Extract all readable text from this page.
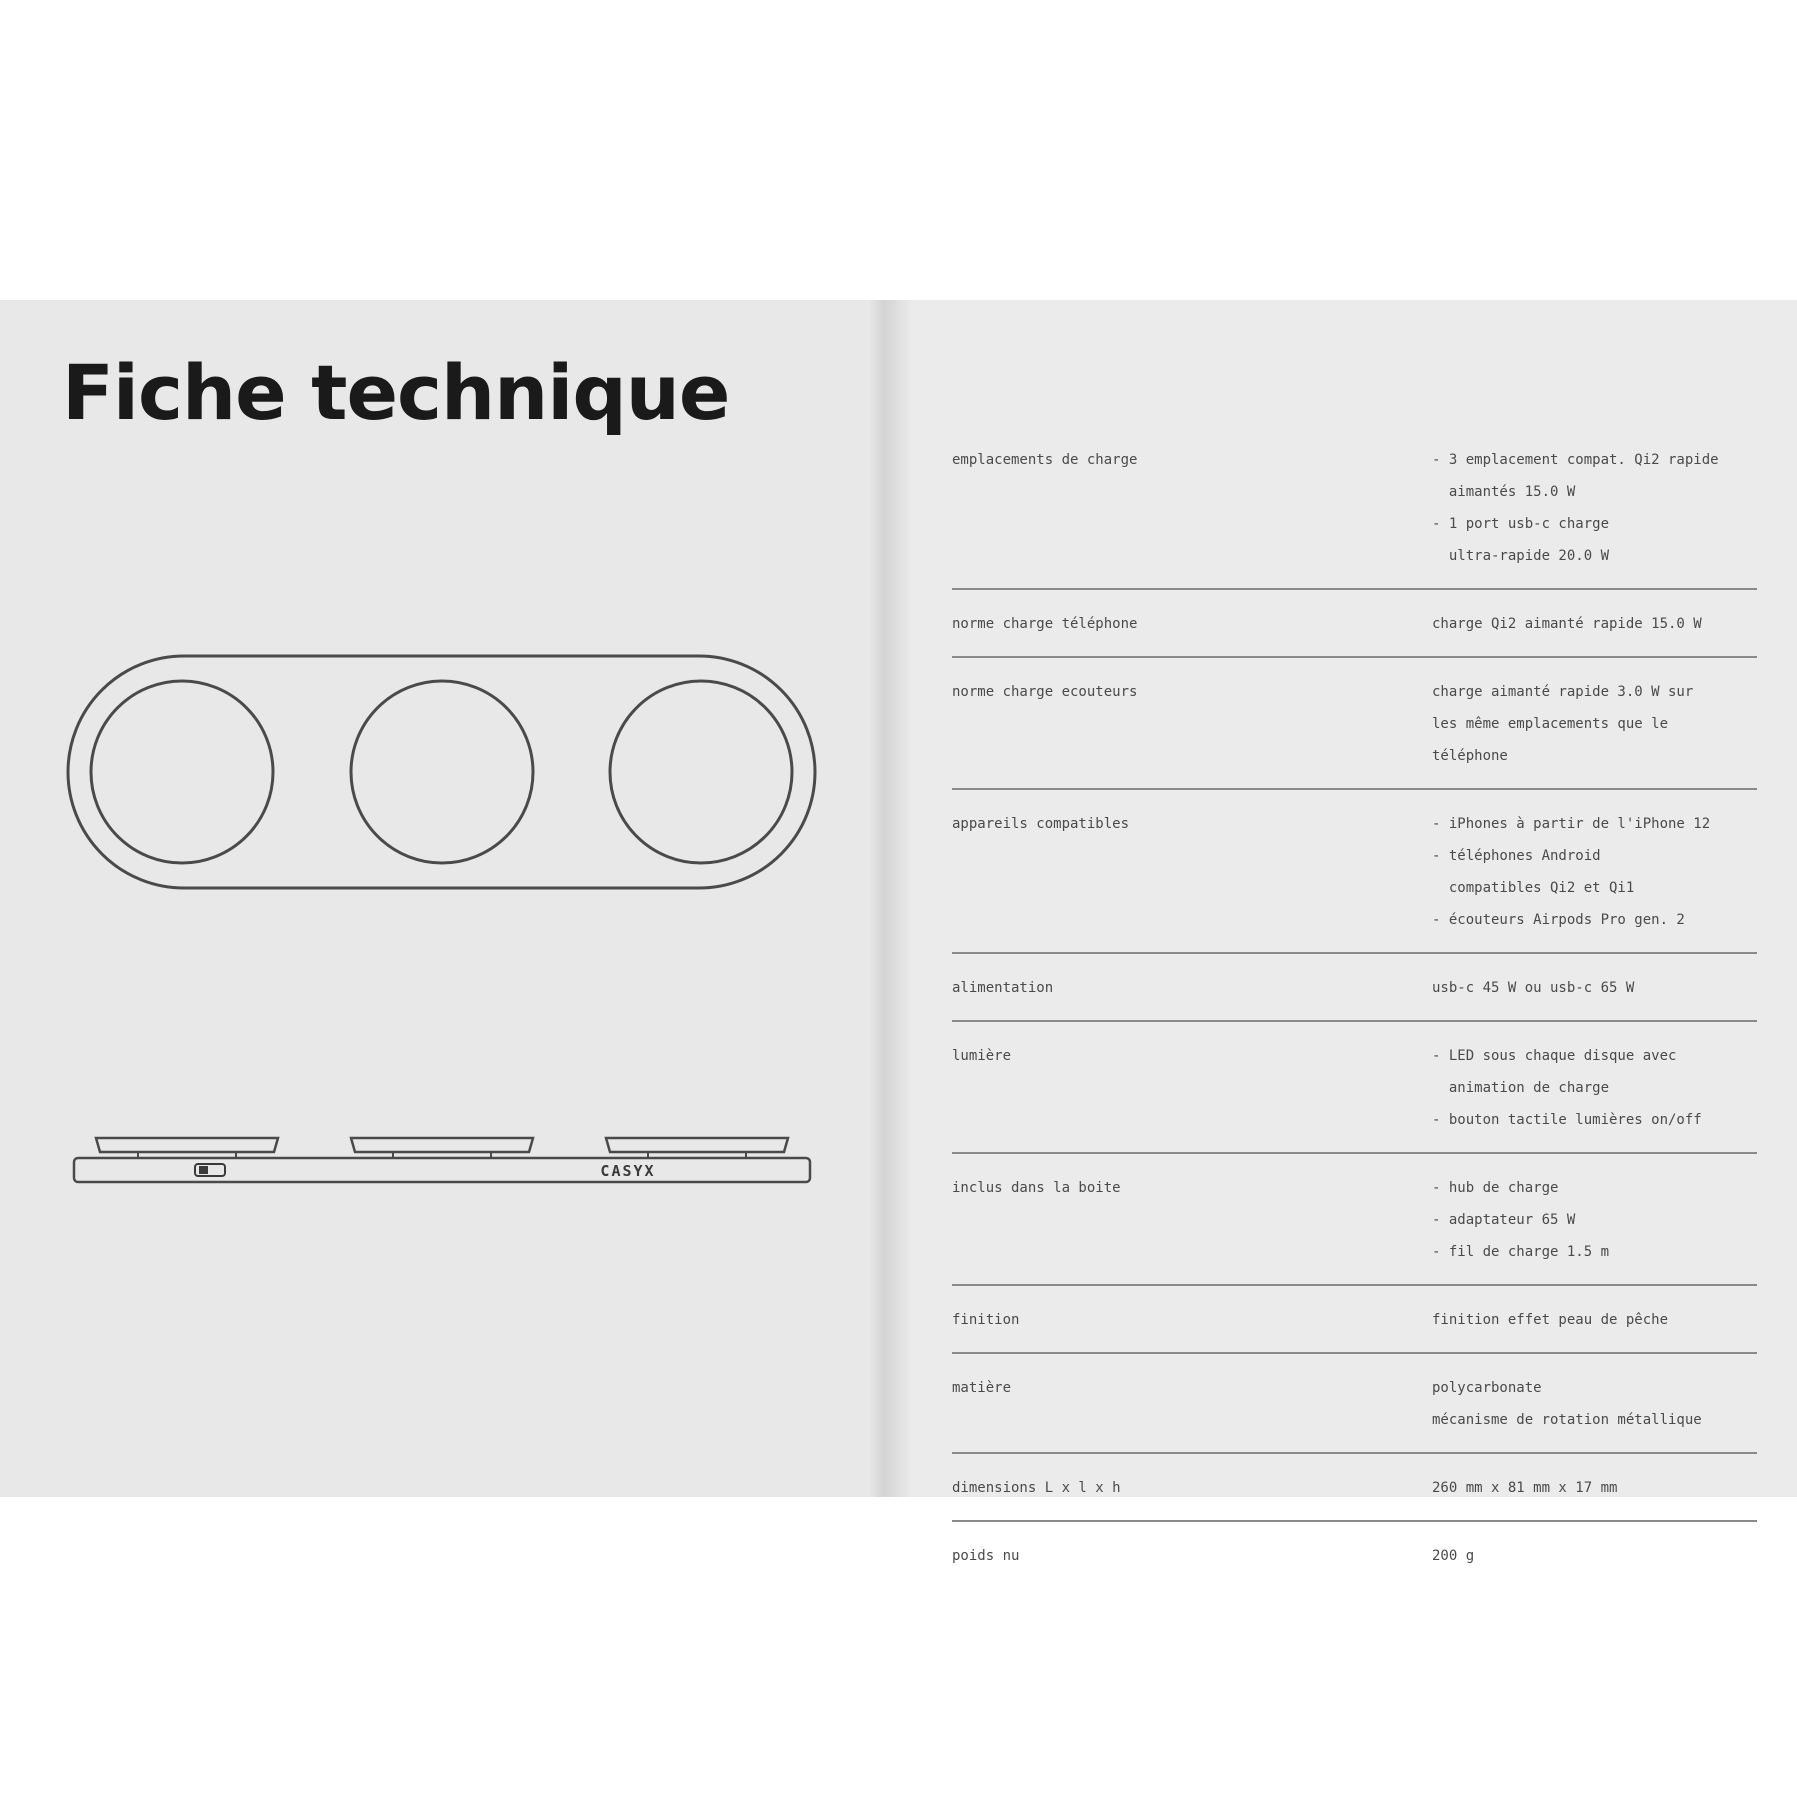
Fiche technique
CASYX
emplacements de charge	- 3 emplacement compat. Qi2 rapide
aimantés 15.0 W
- 1 port usb-c charge
ultra-rapide 20.0 W
norme charge téléphone	charge Qi2 aimanté rapide 15.0 W
norme charge ecouteurs	charge aimanté rapide 3.0 W sur
les même emplacements que le
téléphone
appareils compatibles	- iPhones à partir de l'iPhone 12
- téléphones Android
compatibles Qi2 et Qi1
- écouteurs Airpods Pro gen. 2
alimentation	usb-c 45 W ou usb-c 65 W
lumière	- LED sous chaque disque avec
animation de charge
- bouton tactile lumières on/off
inclus dans la boite	- hub de charge
- adaptateur 65 W
- fil de charge 1.5 m
finition	finition effet peau de pêche
matière	polycarbonate
mécanisme de rotation métallique
dimensions L x l x h	260 mm x 81 mm x 17 mm
poids nu	200 g
